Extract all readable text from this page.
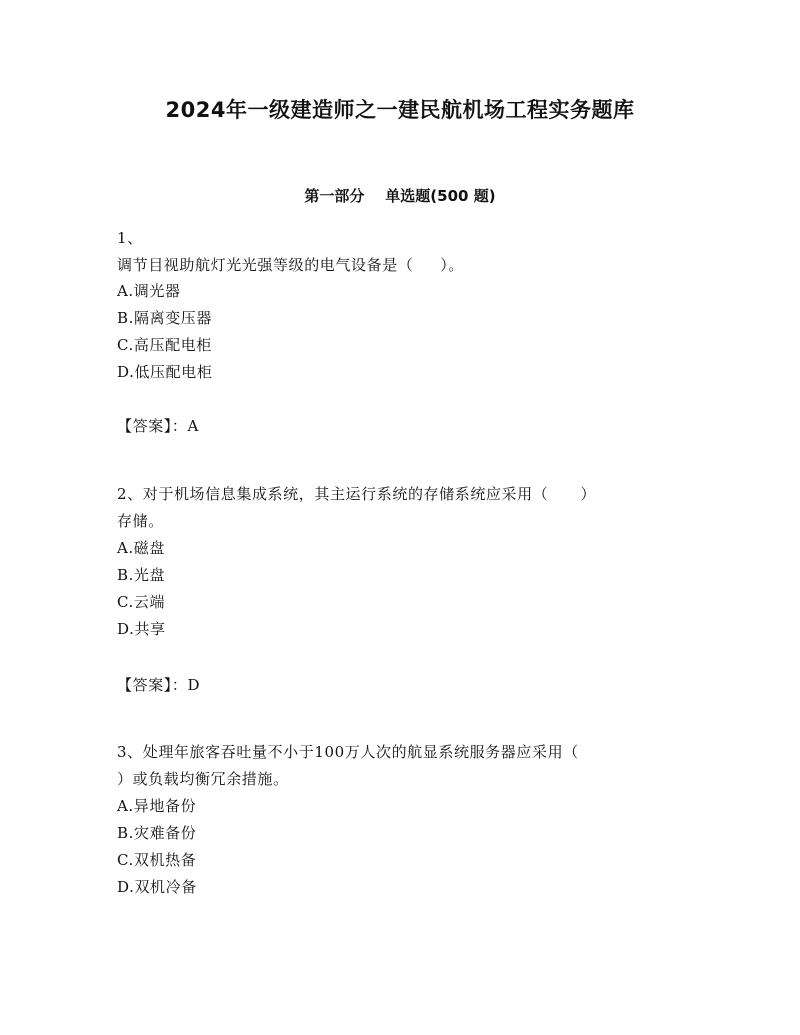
2024年一级建造师之一建民航机场工程实务题库
第一部分    单选题(500 题)
1、
调节目视助航灯光光强等级的电气设备是（     ）。
A.调光器
B.隔离变压器
C.高压配电柜
D.低压配电柜
【答案】：A
2、对于机场信息集成系统，其主运行系统的存储系统应采用（      ）
存储。
A.磁盘
B.光盘
C.云端
D.共享
【答案】：D
3、处理年旅客吞吐量不小于100万人次的航显系统服务器应采用（
）或负载均衡冗余措施。
A.异地备份
B.灾难备份
C.双机热备
D.双机冷备
